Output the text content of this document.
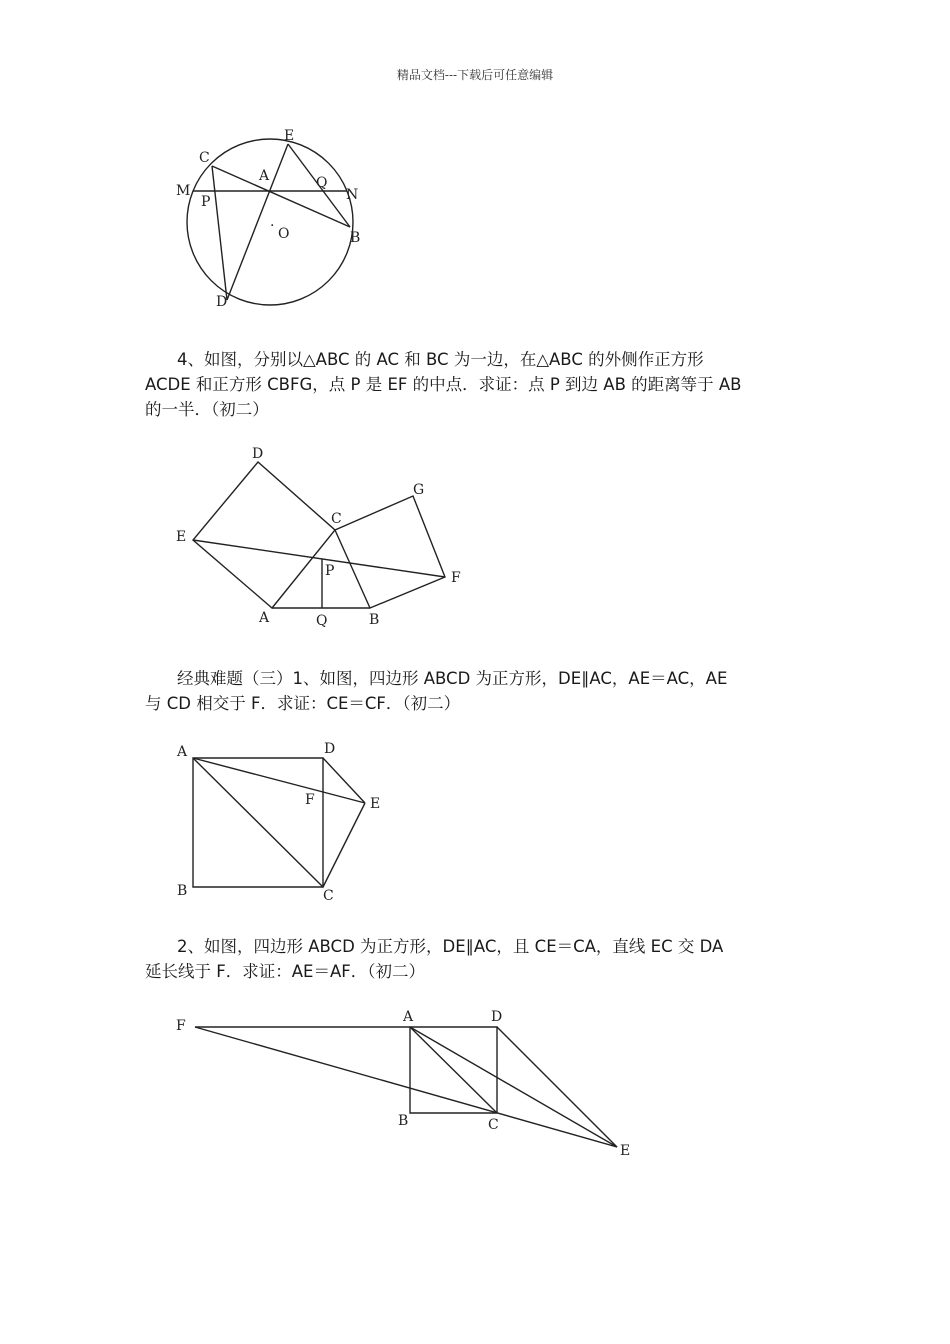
精品文档---下载后可任意编辑
C
E
A	Q
M	N
P
· O	B
D

4、如图，分别以△ABC 的 AC 和 BC 为一边，在△ABC 的外侧作正方形
ACDE 和正方形 CBFG，点 P 是 EF 的中点．求证：点 P 到边 AB 的距离等于 AB
的一半．（初二）

D
G
C
E
F
P
A	Q	B

经典难题（三）1、如图，四边形 ABCD 为正方形，DE∥AC，AE＝AC，AE
与 CD 相交于 F．求证：CE＝CF．（初二）

A	D
F	E
B	C

2、如图，四边形 ABCD 为正方形，DE∥AC，且 CE＝CA，直线 EC 交 DA
延长线于 F．求证：AE＝AF．（初二）

F
A	D
B	C
E
